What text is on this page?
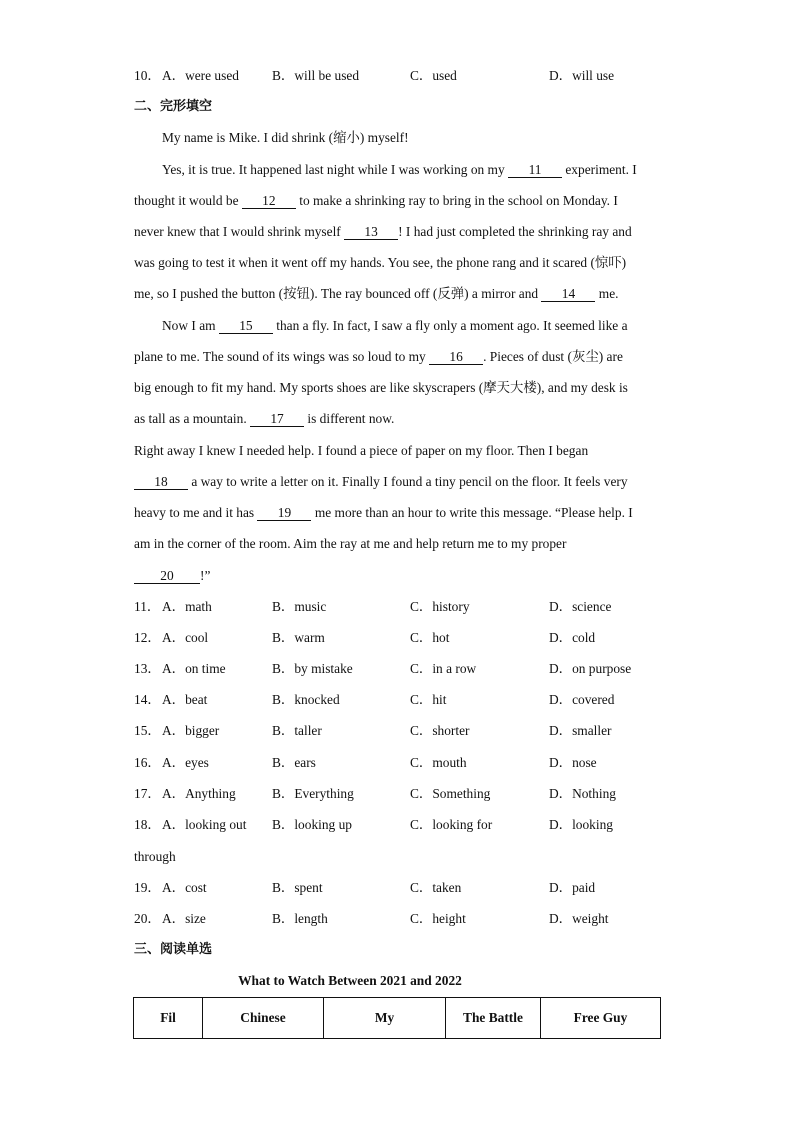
10． A．were used B．will be used	C．used	D．will use
二、完形填空
My name is Mike. I did shrink (缩小) myself!
Yes, it is true. It happened last night while I was working on my 11 experiment. I
thought it would be 12 to make a shrinking ray to bring in the school on Monday. I
never knew that I would shrink myself 13 ! I had just completed the shrinking ray and
was going to test it when it went off my hands. You see, the phone rang and it scared (惊吓)
me, so I pushed the button (按钮). The ray bounced off (反弹) a mirror and 14 me.
Now I am 15 than a fly. In fact, I saw a fly only a moment ago. It seemed like a
plane to me. The sound of its wings was so loud to my 16 . Pieces of dust (灰尘) are
big enough to fit my hand. My sports shoes are like skyscrapers (摩天大楼), and my desk is
as tall as a mountain. 17 is different now.
Right away I knew I needed help. I found a piece of paper on my floor. Then I began
18 a way to write a letter on it. Finally I found a tiny pencil on the floor. It feels very
heavy to me and it has 19 me more than an hour to write this message. “Please help. I
am in the corner of the room. Aim the ray at me and help return me to my proper
20 !”
11． A．math	B．music	C．history	D．science
12． A．cool	B．warm	C．hot	D．cold
13． A．on time	B．by mistake	C．in a row	D．on purpose
14． A．beat	B．knocked	C．hit	D．covered
15． A．bigger	B．taller	C．shorter	D．smaller
16． A．eyes	B．ears	C．mouth	D．nose
17． A．Anything	B．Everything	C．Something	D．Nothing
18． A．looking out B．looking up	C．looking for	D．looking
19． A．cost	B．spent	C．taken	D．paid
20． A．size	B．length	C．height	D．weight
through
三、阅读单选
What to Watch Between 2021 and 2022
Fil	Chinese	My	The Battle	Free Guy
